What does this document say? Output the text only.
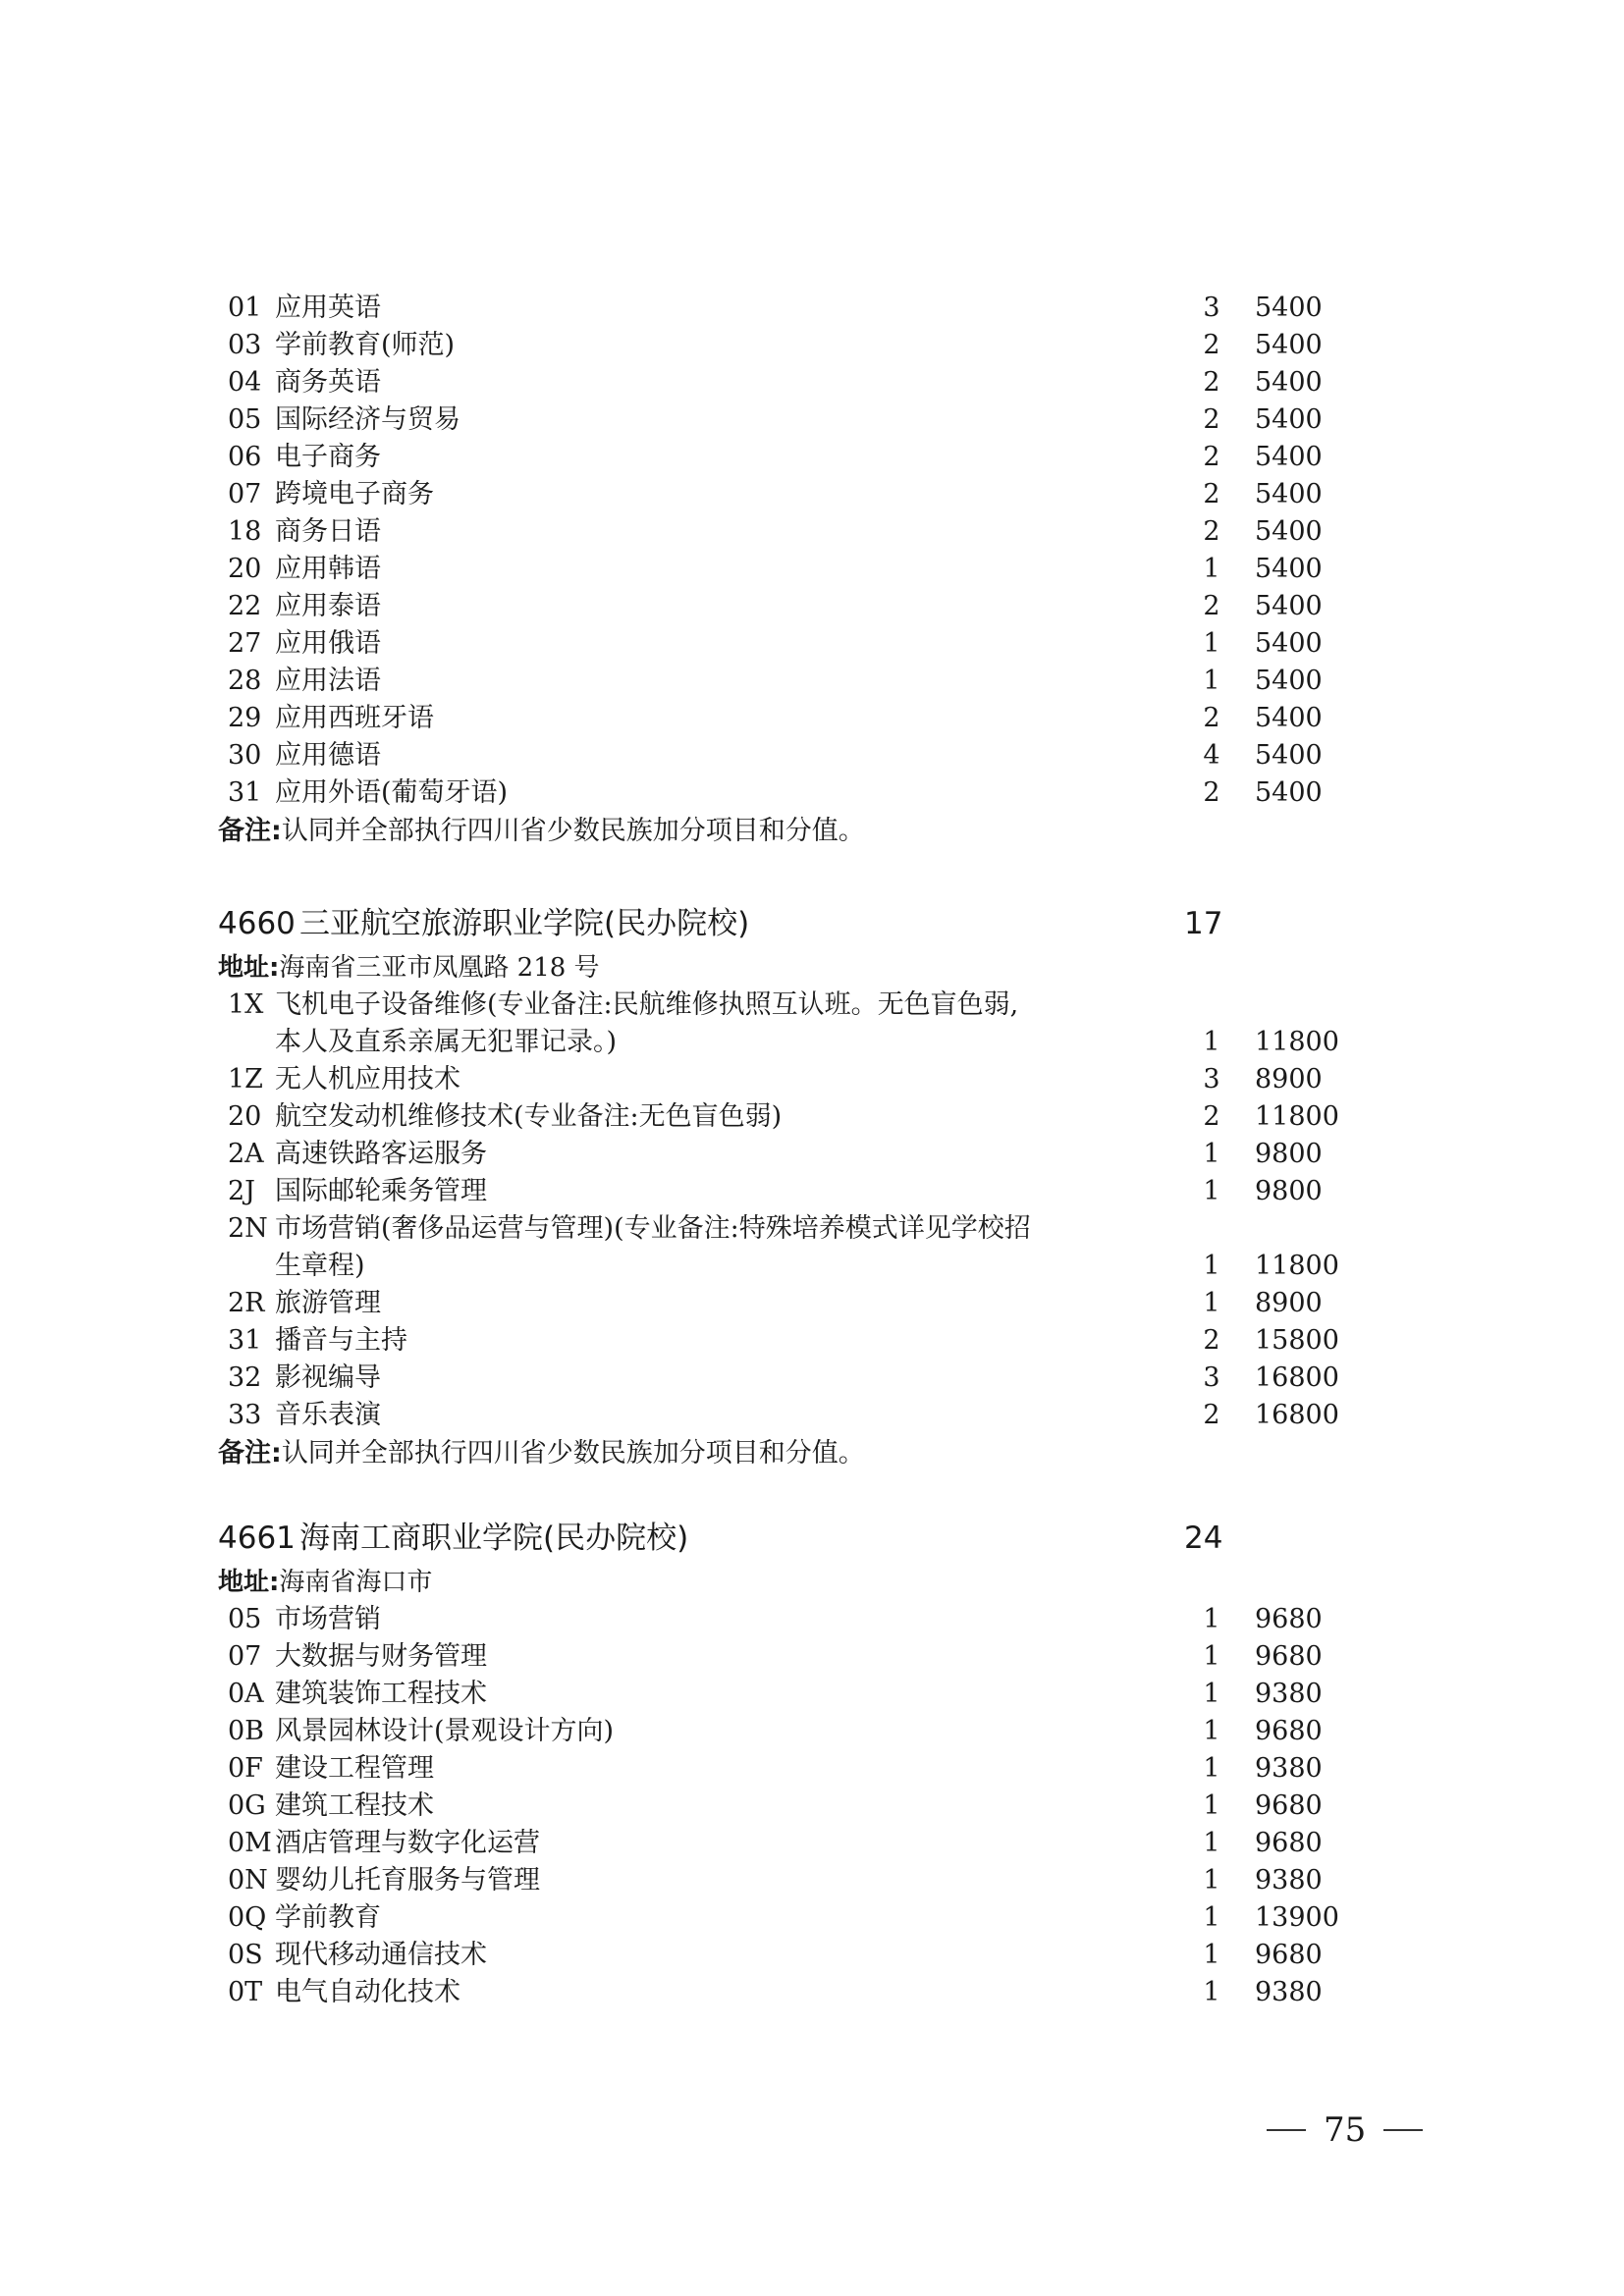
01 应用英语	3 5400
03 学前教育(师范)	2 5400
04 商务英语	2 5400
05 国际经济与贸易	2 5400
06 电子商务	2 5400
07 跨境电子商务	2 5400
18 商务日语	2 5400
20 应用韩语	1 5400
22 应用泰语	2 5400
27 应用俄语	1 5400
28 应用法语	1 5400
29 应用西班牙语	2 5400
30 应用德语	4 5400
31 应用外语(葡萄牙语)	2 5400
备注:认同并全部执行四川省少数民族加分项目和分值。
4660 三亚航空旅游职业学院(民办院校)	17
地址:海南省三亚市凤凰路 218 号
1X 飞机电子设备维修(专业备注:民航维修执照互认班。无色盲色弱,
本人及直系亲属无犯罪记录。)	1 11800
1Z 无人机应用技术	3 8900
20 航空发动机维修技术(专业备注:无色盲色弱)	2 11800
2A 高速铁路客运服务	1 9800
2J 国际邮轮乘务管理	1 9800
2N 市场营销(奢侈品运营与管理)(专业备注:特殊培养模式详见学校招
生章程)	1 11800
2R 旅游管理	1 8900
31 播音与主持	2 15800
32 影视编导	3 16800
33 音乐表演	2 16800
备注:认同并全部执行四川省少数民族加分项目和分值。
4661 海南工商职业学院(民办院校)	24
地址:海南省海口市
05 市场营销	1 9680
07 大数据与财务管理	1 9680
0A 建筑装饰工程技术	1 9380
0B 风景园林设计(景观设计方向)	1 9680
0F 建设工程管理	1 9380
0G 建筑工程技术	1 9680
0M 酒店管理与数字化运营	1 9680
0N 婴幼儿托育服务与管理	1 9380
0Q 学前教育	1 13900
0S 现代移动通信技术	1 9680
0T 电气自动化技术	1 9380
75
